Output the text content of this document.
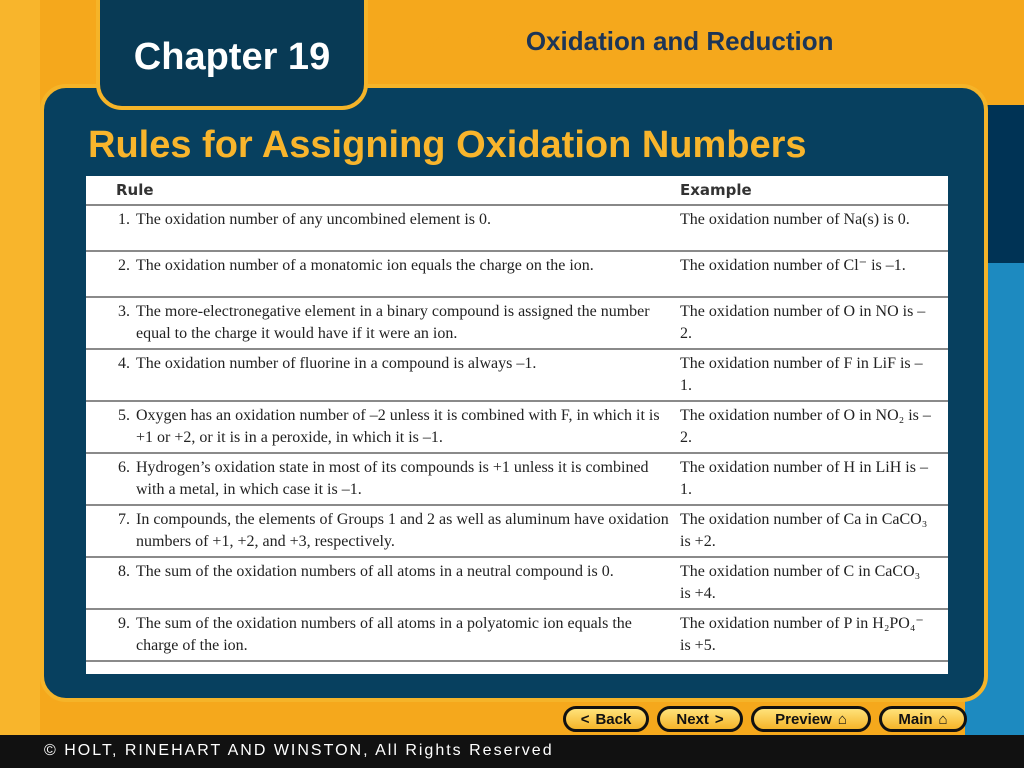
Chapter 19	Section 1 Oxidation and Reduction
Rules for Assigning Oxidation Numbers
Rule		Example
1.	The oxidation number of any uncombined element is 0.	The oxidation number of Na(s) is 0.
2.	The oxidation number of a monatomic ion equals the charge on the ion.	The oxidation number of Cl⁻ is –1.
3.	The more-electronegative element in a binary compound is assigned the number equal to the charge it would have if it were an ion.	The oxidation number of O in NO is –2.
4.	The oxidation number of fluorine in a compound is always –1.	The oxidation number of F in LiF is –1.
5.	Oxygen has an oxidation number of –2 unless it is combined with F, in which it is +1 or +2, or it is in a peroxide, in which it is –1.	The oxidation number of O in NO₂ is –2.
6.	Hydrogen’s oxidation state in most of its compounds is +1 unless it is combined with a metal, in which case it is –1.	The oxidation number of H in LiH is –1.
7.	In compounds, the elements of Groups 1 and 2 as well as aluminum have oxidation numbers of +1, +2, and +3, respectively.	The oxidation number of Ca in CaCO₃ is +2.
8.	The sum of the oxidation numbers of all atoms in a neutral compound is 0.	The oxidation number of C in CaCO₃ is +4.
9.	The sum of the oxidation numbers of all atoms in a polyatomic ion equals the charge of the ion.	The oxidation number of P in H₂PO₄⁻ is +5.
< Back	Next >	Preview ⌂	Main ⌂
© HOLT, RINEHART AND WINSTON, All Rights Reserved
